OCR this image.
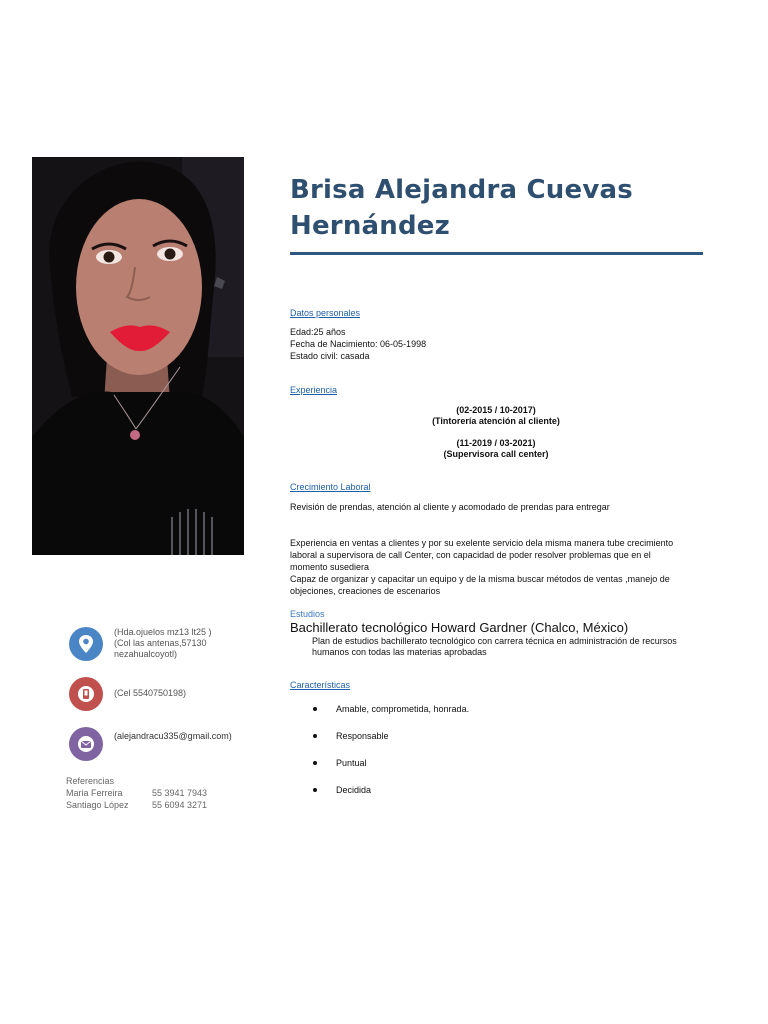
Brisa Alejandra Cuevas
Hernández
Datos personales
Edad:25 años
Fecha de Nacimiento: 06-05-1998
Estado civil: casada
Experiencia
(02-2015 / 10-2017)
(Tintorería atención al cliente)
(11-2019 / 03-2021)
(Supervisora call center)
Crecimiento Laboral
Revisión de prendas, atención al cliente y acomodado de prendas para entregar
Experiencia en ventas a clientes y por su exelente servicio dela misma manera tube crecimiento
laboral a supervisora de call Center, con capacidad de poder resolver problemas que en el
momento susediera
Capaz de organizar y capacitar un equipo y de la misma buscar métodos de ventas ,manejo de
objeciones, creaciones de escenarios
Estudios
Bachillerato tecnológico Howard Gardner (Chalco, México)
Plan de estudios bachillerato tecnológico con carrera técnica en administración de recursos
humanos con todas las materias aprobadas
Características
Amable, comprometida, honrada.
Responsable
Puntual
Decidida
(Hda.ojuelos mz13 lt25 )
(Col las antenas,57130
nezahualcoyotl)
(Cel 5540750198)
(alejandracu335@gmail.com)
Referencias
Maria Ferreira	55 3941 7943
Santiago López	55 6094 3271
